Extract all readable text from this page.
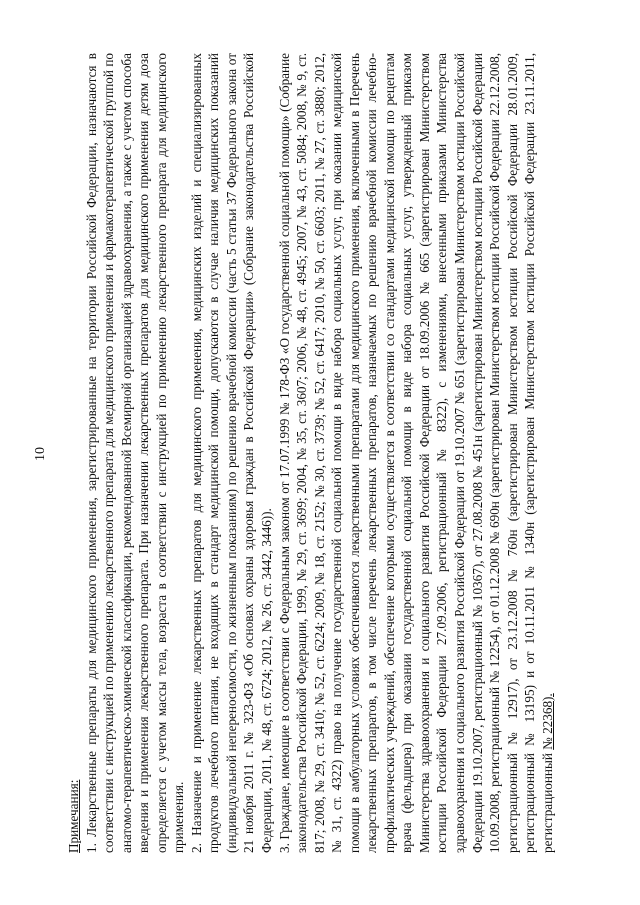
10

Примечания: 1. Лекарственные препараты для медицинского применения, зарегистрированные на территории Российской Федерации, назначаются в соответствии с инструкцией по применению лекарственного препарата для медицинского применения и фармакотерапевтической группой по анатомо-терапевтическо-химической классификации, рекомендованной Всемирной организацией здравоохранения, а также с учетом способа введения и применения лекарственного препарата. При назначении лекарственных препаратов для медицинского применения детям доза определяется с учетом массы тела, возраста в соответствии с инструкцией по применению лекарственного препарата для медицинского применения. 2. Назначение и применение лекарственных препаратов для медицинского применения, медицинских изделий и специализированных продуктов лечебного питания, не входящих в стандарт медицинской помощи, допускаются в случае наличия медицинских показаний (индивидуальной непереносимости, по жизненным показаниям) по решению врачебной комиссии (часть 5 статьи 37 Федерального закона от 21 ноября 2011 г. № 323-ФЗ «Об основах охраны здоровья граждан в Российской Федерации» (Собрание законодательства Российской Федерации, 2011, № 48, ст. 6724; 2012, № 26, ст. 3442, 3446)). 3. Граждане, имеющие в соответствии с Федеральным законом от 17.07.1999 № 178-ФЗ «О государственной социальной помощи» (Собрание законодательства Российской Федерации, 1999, № 29, ст. 3699; 2004, № 35, ст. 3607; 2006, № 48, ст. 4945; 2007, № 43, ст. 5084; 2008, № 9, ст. 817; 2008, № 29, ст. 3410; № 52, ст. 6224; 2009, № 18, ст. 2152; № 30, ст. 3739; № 52, ст. 6417; 2010, № 50, ст. 6603; 2011, № 27, ст. 3880; 2012, № 31, ст. 4322) право на получение государственной социальной помощи в виде набора социальных услуг, при оказании медицинской помощи в амбулаторных условиях обеспечиваются лекарственными препаратами для медицинского применения, включенными в Перечень лекарственных препаратов, в том числе перечень лекарственных препаратов, назначаемых по решению врачебной комиссии лечебно-профилактических учреждений, обеспечение которыми осуществляется в соответствии со стандартами медицинской помощи по рецептам врача (фельдшера) при оказании государственной социальной помощи в виде набора социальных услуг, утвержденный приказом Министерства здравоохранения и социального развития Российской Федерации от 18.09.2006 № 665 (зарегистрирован Министерством юстиции Российской Федерации 27.09.2006, регистрационный № 8322), с изменениями, внесенными приказами Министерства здравоохранения и социального развития Российской Федерации от 19.10.2007 № 651 (зарегистрирован Министерством юстиции Российской Федерации 19.10.2007, регистрационный № 10367), от 27.08.2008 № 451н (зарегистрирован Министерством юстиции Российской Федерации 10.09.2008, регистрационный № 12254), от 01.12.2008 № 690н (зарегистрирован Министерством юстиции Российской Федерации 22.12.2008, регистрационный № 12917), от 23.12.2008 № 760н (зарегистрирован Министерством юстиции Российской Федерации 28.01.2009, регистрационный № 13195) и от 10.11.2011 № 1340н (зарегистрирован Министерством юстиции Российской Федерации 23.11.2011, регистрационный № 22368).
